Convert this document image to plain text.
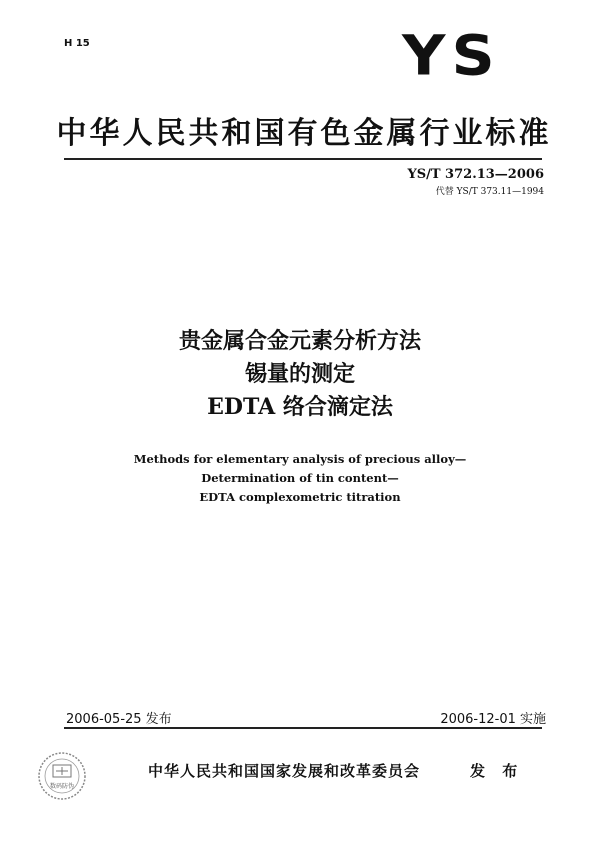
H 15	YS
中华人民共和国有色金属行业标准
YS/T 372.13—2006
代替 YS/T 373.11—1994
贵金属合金元素分析方法
锡量的测定
EDTA 络合滴定法
Methods for elementary analysis of precious alloy—
Determination of tin content—
EDTA complexometric titration
2006-05-25 发布	2006-12-01 实施
数码防伪
中华人民共和国国家发展和改革委员会	发 布
